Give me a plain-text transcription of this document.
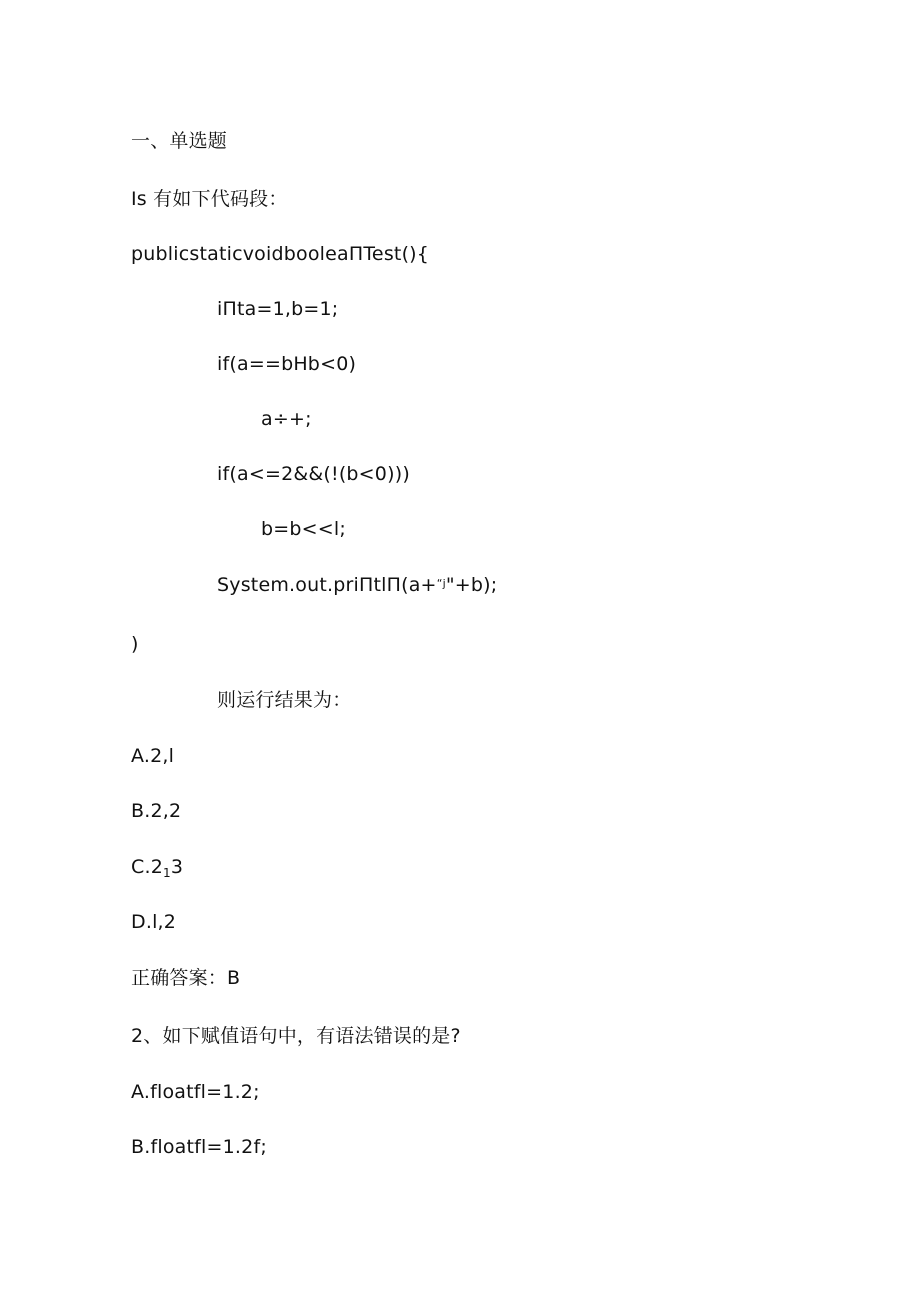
一、单选题
Is 有如下代码段：
publicstaticvoidbooleaΠTest(){
iΠta=1,b=1;
if(a==bHb<0)
a÷+;
if(a<=2&&(!(b<0)))
b=b<<l;
System.out.priΠtlΠ(a+$^{“j}$"+b);
)
则运行结果为：
A.2,l
B.2,2
$C.2_13$
D.l,2
正确答案：B
2、如下赋值语句中，有语法错误的是?
A.floatfl=1.2;
B.floatfl=1.2f;
